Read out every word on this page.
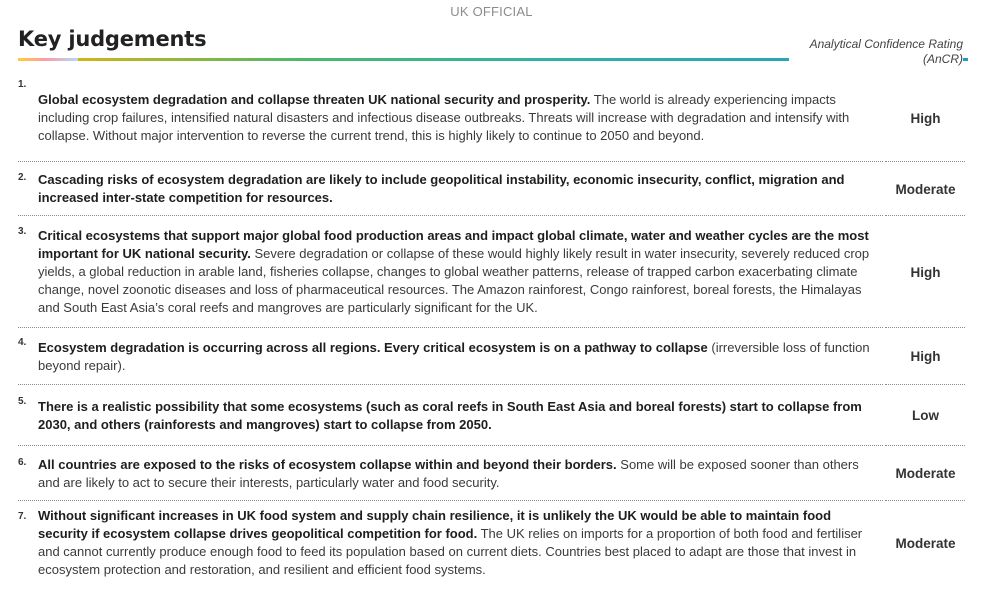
UK OFFICIAL
Key judgements	Analytical Confidence Rating (AnCR)
1.
Global ecosystem degradation and collapse threaten UK national security and prosperity. The world is already experiencing impacts including crop failures, intensified natural disasters and infectious disease outbreaks. Threats will increase with degradation and intensify with collapse. Without major intervention to reverse the current trend, this is highly likely to continue to 2050 and beyond.
High
2. Cascading risks of ecosystem degradation are likely to include geopolitical instability, economic insecurity, conflict, migration and increased inter-state competition for resources.
Moderate
3. Critical ecosystems that support major global food production areas and impact global climate, water and weather cycles are the most important for UK national security. Severe degradation or collapse of these would highly likely result in water insecurity, severely reduced crop yields, a global reduction in arable land, fisheries collapse, changes to global weather patterns, release of trapped carbon exacerbating climate change, novel zoonotic diseases and loss of pharmaceutical resources. The Amazon rainforest, Congo rainforest, boreal forests, the Himalayas and South East Asia’s coral reefs and mangroves are particularly significant for the UK.
High
4. Ecosystem degradation is occurring across all regions. Every critical ecosystem is on a pathway to collapse (irreversible loss of function beyond repair).
High
5. There is a realistic possibility that some ecosystems (such as coral reefs in South East Asia and boreal forests) start to collapse from 2030, and others (rainforests and mangroves) start to collapse from 2050.
Low
6. All countries are exposed to the risks of ecosystem collapse within and beyond their borders. Some will be exposed sooner than others and are likely to act to secure their interests, particularly water and food security.
Moderate
7. Without significant increases in UK food system and supply chain resilience, it is unlikely the UK would be able to maintain food security if ecosystem collapse drives geopolitical competition for food. The UK relies on imports for a proportion of both food and fertiliser and cannot currently produce enough food to feed its population based on current diets. Countries best placed to adapt are those that invest in ecosystem protection and restoration, and resilient and efficient food systems.
Moderate
